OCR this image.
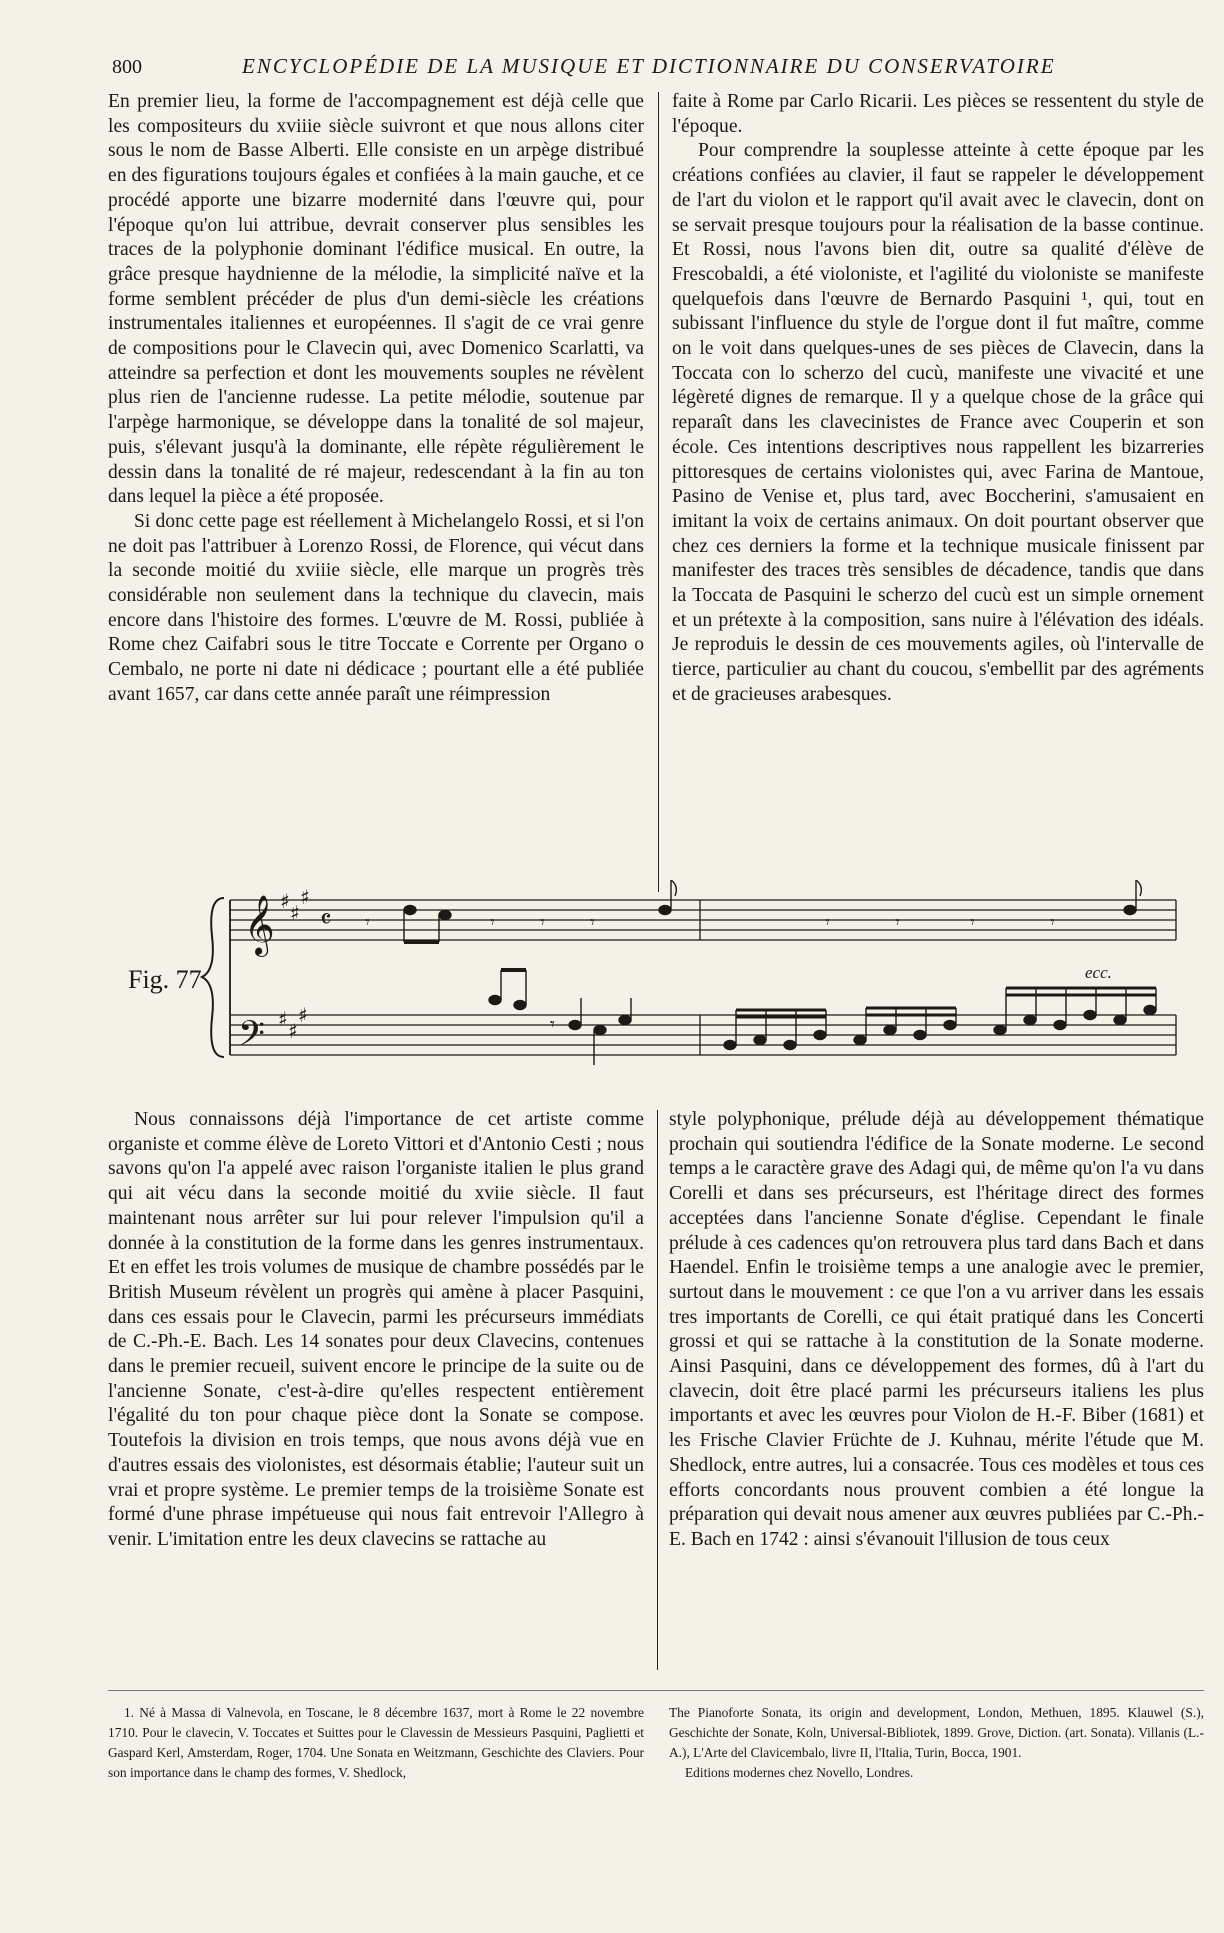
800	ENCYCLOPÉDIE DE LA MUSIQUE ET DICTIONNAIRE DU CONSERVATOIRE

En premier lieu, la forme de l'accompagnement est déjà celle que les compositeurs du xviiie siècle suivront et que nous allons citer sous le nom de Basse Alberti. Elle consiste en un arpège distribué en des figurations toujours égales et confiées à la main gauche, et ce procédé apporte une bizarre modernité dans l'œuvre qui, pour l'époque qu'on lui attribue, devrait conserver plus sensibles les traces de la polyphonie dominant l'édifice musical. En outre, la grâce presque haydnienne de la mélodie, la simplicité naïve et la forme semblent précéder de plus d'un demi-siècle les créations instrumentales italiennes et européennes. Il s'agit de ce vrai genre de compositions pour le Clavecin qui, avec Domenico Scarlatti, va atteindre sa perfection et dont les mouvements souples ne révèlent plus rien de l'ancienne rudesse. La petite mélodie, soutenue par l'arpège harmonique, se développe dans la tonalité de sol majeur, puis, s'élevant jusqu'à la dominante, elle répète régulièrement le dessin dans la tonalité de ré majeur, redescendant à la fin au ton dans lequel la pièce a été proposée.

Si donc cette page est réellement à Michelangelo Rossi, et si l'on ne doit pas l'attribuer à Lorenzo Rossi, de Florence, qui vécut dans la seconde moitié du xviiie siècle, elle marque un progrès très considérable non seulement dans la technique du clavecin, mais encore dans l'histoire des formes. L'œuvre de M. Rossi, publiée à Rome chez Caifabri sous le titre Toccate e Corrente per Organo o Cembalo, ne porte ni date ni dédicace ; pourtant elle a été publiée avant 1657, car dans cette année paraît une réimpression

faite à Rome par Carlo Ricarii. Les pièces se ressentent du style de l'époque.

Pour comprendre la souplesse atteinte à cette époque par les créations confiées au clavier, il faut se rappeler le développement de l'art du violon et le rapport qu'il avait avec le clavecin, dont on se servait presque toujours pour la réalisation de la basse continue. Et Rossi, nous l'avons bien dit, outre sa qualité d'élève de Frescobaldi, a été violoniste, et l'agilité du violoniste se manifeste quelquefois dans l'œuvre de Bernardo Pasquini ¹, qui, tout en subissant l'influence du style de l'orgue dont il fut maître, comme on le voit dans quelques-unes de ses pièces de Clavecin, dans la Toccata con lo scherzo del cucù, manifeste une vivacité et une légèreté dignes de remarque. Il y a quelque chose de la grâce qui reparaît dans les clavecinistes de France avec Couperin et son école. Ces intentions descriptives nous rappellent les bizarreries pittoresques de certains violonistes qui, avec Farina de Mantoue, Pasino de Venise et, plus tard, avec Boccherini, s'amusaient en imitant la voix de certains animaux. On doit pourtant observer que chez ces derniers la forme et la technique musicale finissent par manifester des traces très sensibles de décadence, tandis que dans la Toccata de Pasquini le scherzo del cucù est un simple ornement et un prétexte à la composition, sans nuire à l'élévation des idéals. Je reproduis le dessin de ces mouvements agiles, où l'intervalle de tierce, particulier au chant du coucou, s'embellit par des agréments et de gracieuses arabesques.

𝄞
𝄢
♯ ♯
♯
♯ ♯
♯
𝄴 𝄾	𝄾	𝄾	𝄾	𝄾	𝄾	𝄾	𝄾
𝄾
Fig. 77	ecc.

Nous connaissons déjà l'importance de cet artiste comme organiste et comme élève de Loreto Vittori et d'Antonio Cesti ; nous savons qu'on l'a appelé avec raison l'organiste italien le plus grand qui ait vécu dans la seconde moitié du xviie siècle. Il faut maintenant nous arrêter sur lui pour relever l'impulsion qu'il a donnée à la constitution de la forme dans les genres instrumentaux. Et en effet les trois volumes de musique de chambre possédés par le British Museum révèlent un progrès qui amène à placer Pasquini, dans ces essais pour le Clavecin, parmi les précurseurs immédiats de C.-Ph.-E. Bach. Les 14 sonates pour deux Clavecins, contenues dans le premier recueil, suivent encore le principe de la suite ou de l'ancienne Sonate, c'est-à-dire qu'elles respectent entièrement l'égalité du ton pour chaque pièce dont la Sonate se compose. Toutefois la division en trois temps, que nous avons déjà vue en d'autres essais des violonistes, est désormais établie; l'auteur suit un vrai et propre système. Le premier temps de la troisième Sonate est formé d'une phrase impétueuse qui nous fait entrevoir l'Allegro à venir. L'imitation entre les deux clavecins se rattache au

style polyphonique, prélude déjà au développement thématique prochain qui soutiendra l'édifice de la Sonate moderne. Le second temps a le caractère grave des Adagi qui, de même qu'on l'a vu dans Corelli et dans ses précurseurs, est l'héritage direct des formes acceptées dans l'ancienne Sonate d'église. Cependant le finale prélude à ces cadences qu'on retrouvera plus tard dans Bach et dans Haendel. Enfin le troisième temps a une analogie avec le premier, surtout dans le mouvement : ce que l'on a vu arriver dans les essais tres importants de Corelli, ce qui était pratiqué dans les Concerti grossi et qui se rattache à la constitution de la Sonate moderne. Ainsi Pasquini, dans ce développement des formes, dû à l'art du clavecin, doit être placé parmi les précurseurs italiens les plus importants et avec les œuvres pour Violon de H.-F. Biber (1681) et les Frische Clavier Früchte de J. Kuhnau, mérite l'étude que M. Shedlock, entre autres, lui a consacrée. Tous ces modèles et tous ces efforts concordants nous prouvent combien a été longue la préparation qui devait nous amener aux œuvres publiées par C.-Ph.-E. Bach en 1742 : ainsi s'évanouit l'illusion de tous ceux

1. Né à Massa di Valnevola, en Toscane, le 8 décembre 1637, mort à Rome le 22 novembre 1710. Pour le clavecin, V. Toccates et Suittes pour le Clavessin de Messieurs Pasquini, Paglietti et Gaspard Kerl, Amsterdam, Roger, 1704. Une Sonata en Weitzmann, Geschichte des Claviers. Pour son importance dans le champ des formes, V. Shedlock,

The Pianoforte Sonata, its origin and development, London, Methuen, 1895. Klauwel (S.), Geschichte der Sonate, Koln, Universal-Bibliotek, 1899. Grove, Diction. (art. Sonata). Villanis (L.-A.), L'Arte del Clavicembalo, livre II, l'Italia, Turin, Bocca, 1901.

Editions modernes chez Novello, Londres.
